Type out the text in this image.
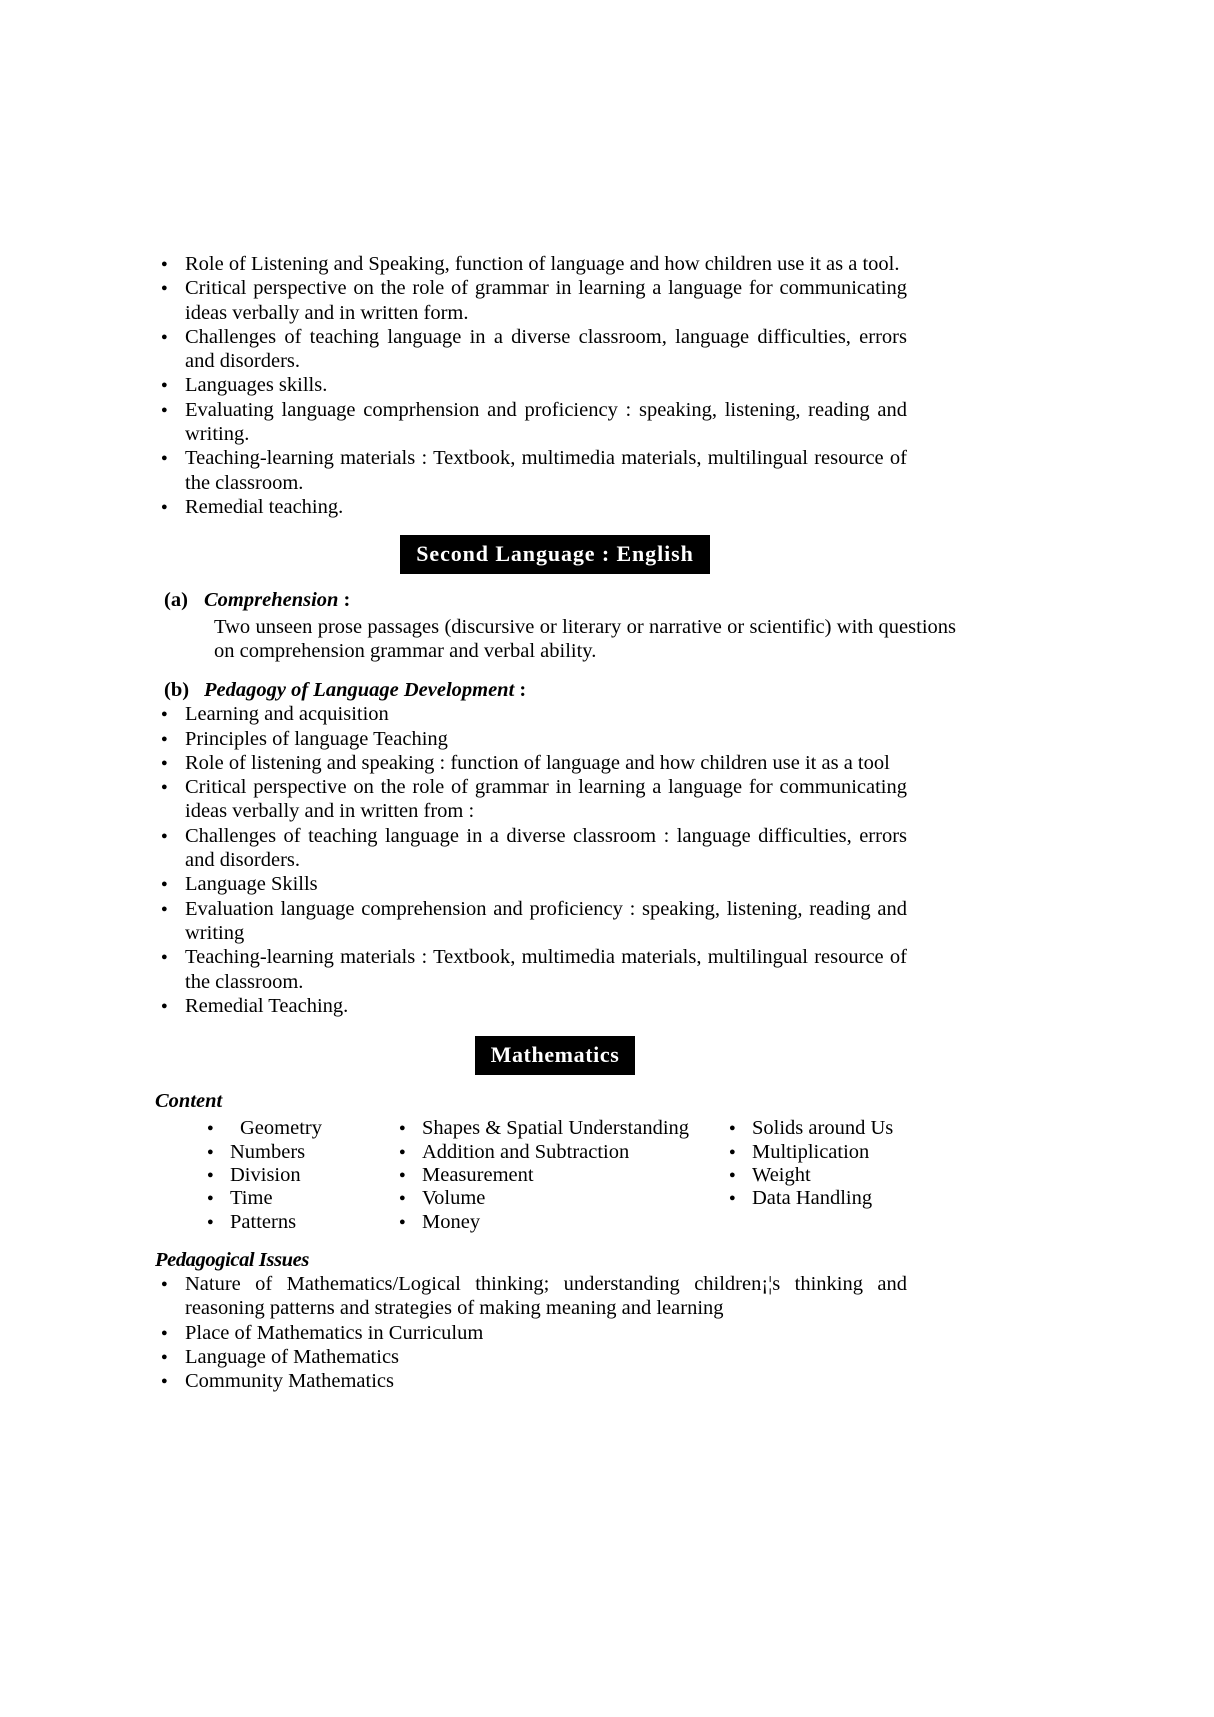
● Role of Listening and Speaking, function of language and how children use it as a tool.
● Critical perspective on the role of grammar in learning a language for communicating ideas verbally and in written form.
● Challenges of teaching language in a diverse classroom, language difficulties, errors and disorders.
● Languages skills.
● Evaluating language comprhension and proficiency : speaking, listening, reading and writing.
● Teaching-learning materials : Textbook, multimedia materials, multilingual resource of the classroom.
● Remedial teaching.
Second Language : English
(a) Comprehension :
Two unseen prose passages (discursive or literary or narrative or scientific) with questions on comprehension grammar and verbal ability.
(b) Pedagogy of Language Development :
● Learning and acquisition
● Principles of language Teaching
● Role of listening and speaking : function of language and how children use it as a tool
● Critical perspective on the role of grammar in learning a language for communicating ideas verbally and in written from :
● Challenges of teaching language in a diverse classroom : language difficulties, errors and disorders.
● Language Skills
● Evaluation language comprehension and proficiency : speaking, listening, reading and writing
● Teaching-learning materials : Textbook, multimedia materials, multilingual resource of the classroom.
● Remedial Teaching.
Mathematics
Content
● Geometry
● Numbers
● Division
● Time
● Patterns
● Shapes & Spatial Understanding
● Addition and Subtraction
● Measurement
● Volume
● Money
● Solids around Us
● Multiplication
● Weight
● Data Handling
Pedagogical Issues
● Nature of Mathematics/Logical thinking; understanding children¡¦s thinking and reasoning patterns and strategies of making meaning and learning
● Place of Mathematics in Curriculum
● Language of Mathematics
● Community Mathematics
